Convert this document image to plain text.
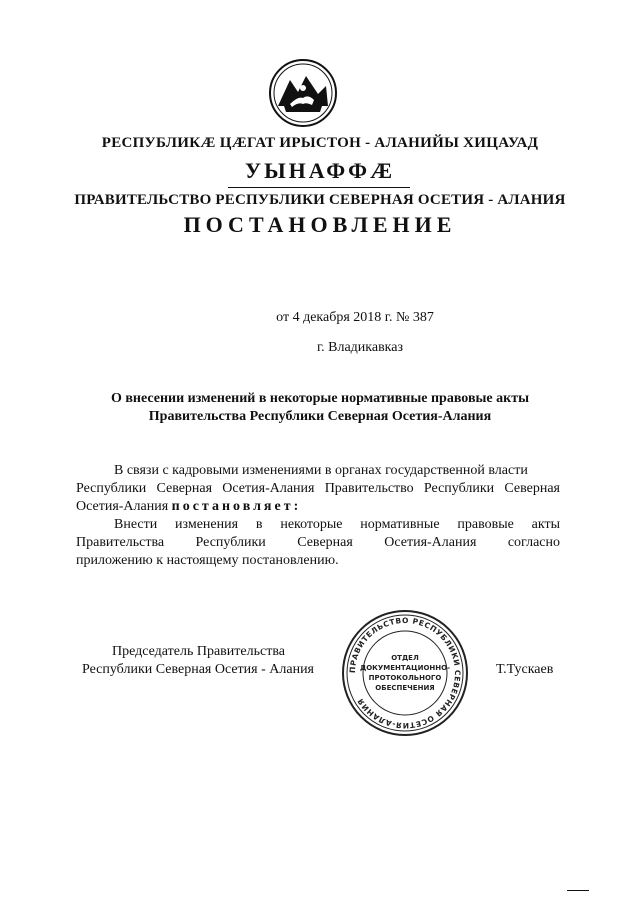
РЕСПУБЛИКӔ ЦӔГАТ ИРЫСТОН - АЛАНИЙЫ ХИЦАУАД
УЫНАФФӔ
ПРАВИТЕЛЬСТВО РЕСПУБЛИКИ СЕВЕРНАЯ ОСЕТИЯ - АЛАНИЯ
ПОСТАНОВЛЕНИЕ
от 4 декабря 2018 г. № 387
г. Владикавказ
О внесении изменений в некоторые нормативные правовые акты
Правительства Республики Северная Осетия-Алания
В связи с кадровыми изменениями в органах государственной власти
Республики Северная Осетия-Алания Правительство Республики Северная
Осетия-Алания постановляет:
Внести изменения в некоторые нормативные правовые акты
Правительства Республики Северная Осетия-Алания согласно
приложению к настоящему постановлению.
Председатель Правительства
Республики Северная Осетия - Алания	Т.Тускаев
ПРАВИТЕЛЬСТВО РЕСПУБЛИКИ СЕВЕРНАЯ ОСЕТИЯ-АЛАНИЯ
ОТДЕЛ
ДОКУМЕНТАЦИОННО-
ПРОТОКОЛЬНОГО
ОБЕСПЕЧЕНИЯ
